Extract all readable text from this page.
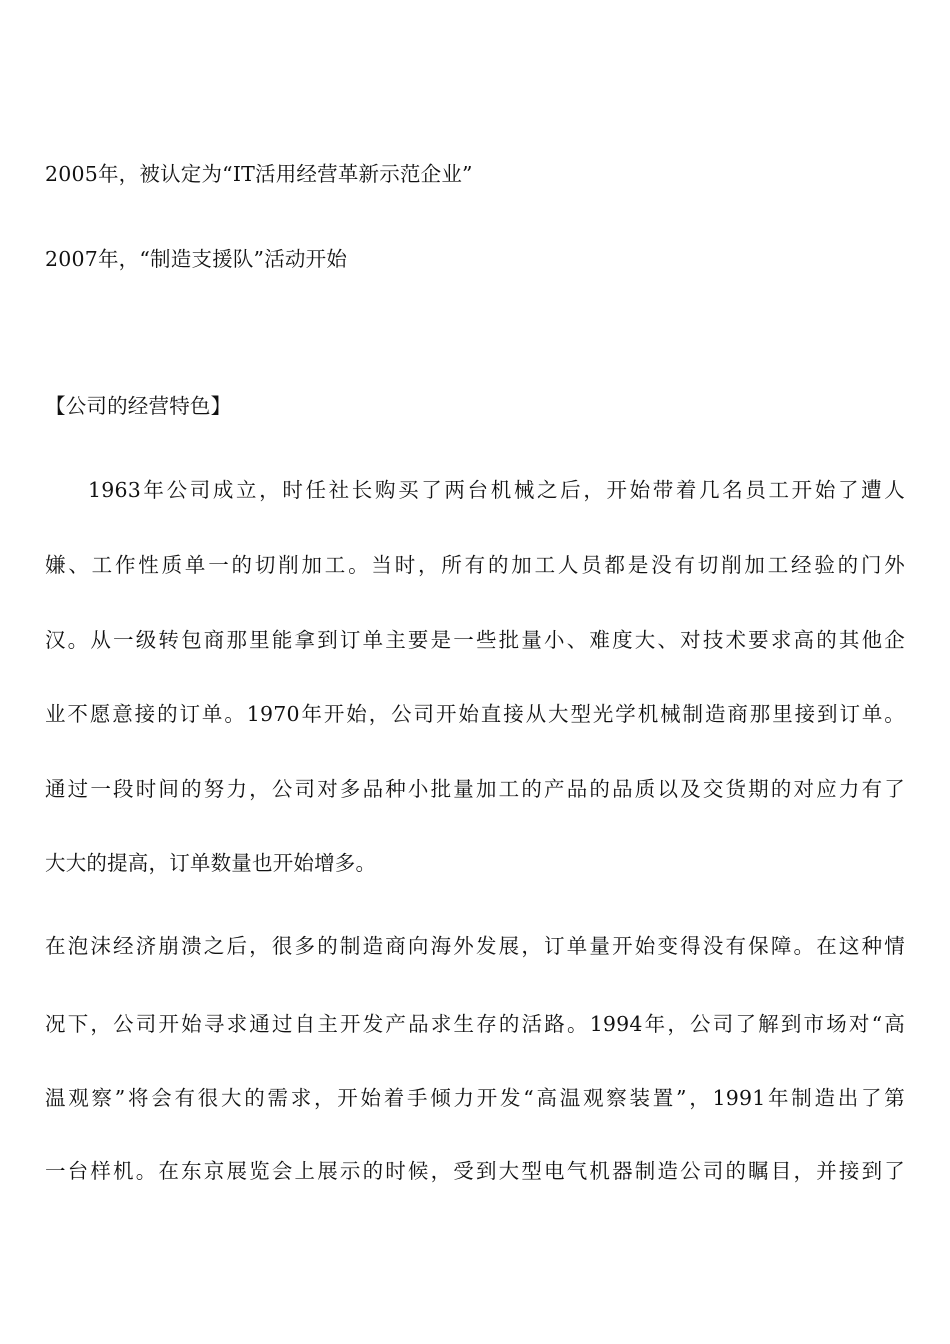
2005年，被认定为“IT活用经营革新示范企业”
2007年，“制造支援队”活动开始
【公司的经营特色】
1963年公司成立，时任社长购买了两台机械之后，开始带着几名员工开始了遭人
嫌、工作性质单一的切削加工。当时，所有的加工人员都是没有切削加工经验的门外
汉。从一级转包商那里能拿到订单主要是一些批量小、难度大、对技术要求高的其他企
业不愿意接的订单。1970年开始，公司开始直接从大型光学机械制造商那里接到订单。
通过一段时间的努力，公司对多品种小批量加工的产品的品质以及交货期的对应力有了
大大的提高，订单数量也开始增多。
在泡沫经济崩溃之后，很多的制造商向海外发展，订单量开始变得没有保障。在这种情
况下，公司开始寻求通过自主开发产品求生存的活路。1994年，公司了解到市场对“高
温观察”将会有很大的需求，开始着手倾力开发“高温观察装置”，1991年制造出了第
一台样机。在东京展览会上展示的时候，受到大型电气机器制造公司的瞩目，并接到了
